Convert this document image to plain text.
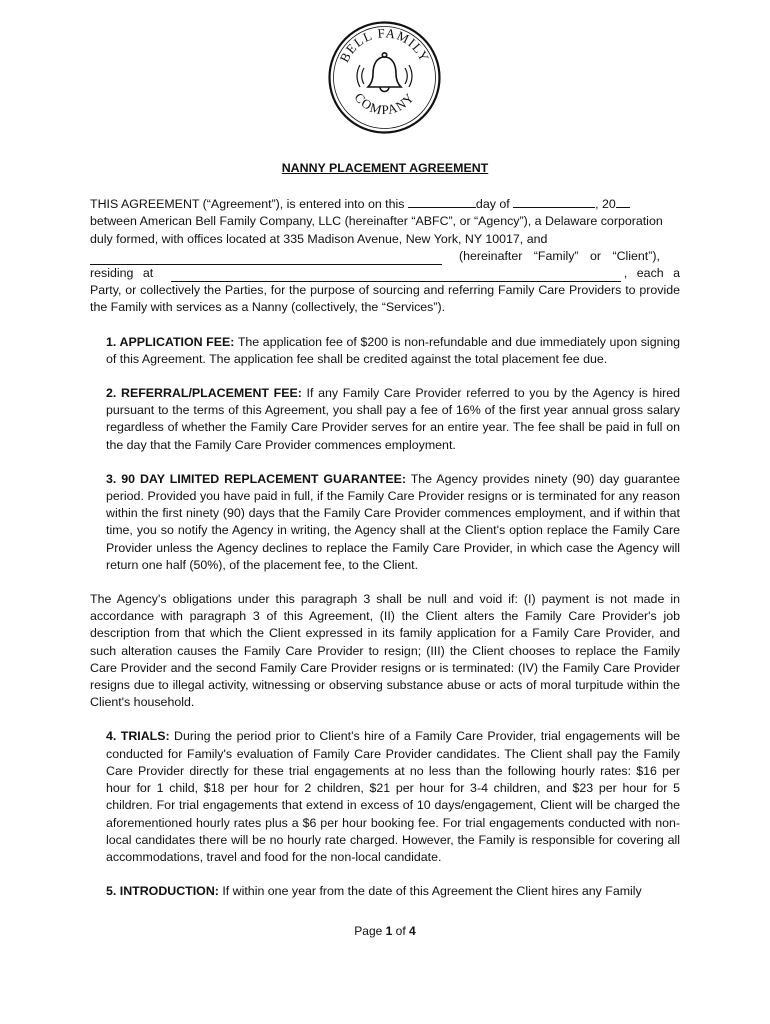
BELL FAMILY
COMPANY
NANNY PLACEMENT AGREEMENT

THIS AGREEMENT (“Agreement”), is entered into on this	day of	, 20
between American Bell Family Company, LLC (hereinafter “ABFC”, or “Agency”), a Delaware corporation
duly formed, with offices located at 335 Madison Avenue, New York, NY 10017, and

(hereinafter “Family” or “Client”),
residing at	, each a
Party, or collectively the Parties, for the purpose of sourcing and referring Family Care Providers to provide the Family with services as a Nanny (collectively, the “Services”).

1. APPLICATION FEE: The application fee of $200 is non-refundable and due immediately upon signing of this Agreement. The application fee shall be credited against the total placement fee due.

2. REFERRAL/PLACEMENT FEE: If any Family Care Provider referred to you by the Agency is hired pursuant to the terms of this Agreement, you shall pay a fee of 16% of the first year annual gross salary regardless of whether the Family Care Provider serves for an entire year. The fee shall be paid in full on the day that the Family Care Provider commences employment.

3. 90 DAY LIMITED REPLACEMENT GUARANTEE: The Agency provides ninety (90) day guarantee period. Provided you have paid in full, if the Family Care Provider resigns or is terminated for any reason within the first ninety (90) days that the Family Care Provider commences employment, and if within that time, you so notify the Agency in writing, the Agency shall at the Client's option replace the Family Care Provider unless the Agency declines to replace the Family Care Provider, in which case the Agency will return one half (50%), of the placement fee, to the Client.

The Agency's obligations under this paragraph 3 shall be null and void if: (I) payment is not made in accordance with paragraph 3 of this Agreement, (II) the Client alters the Family Care Provider's job description from that which the Client expressed in its family application for a Family Care Provider, and such alteration causes the Family Care Provider to resign; (III) the Client chooses to replace the Family Care Provider and the second Family Care Provider resigns or is terminated: (IV) the Family Care Provider resigns due to illegal activity, witnessing or observing substance abuse or acts of moral turpitude within the Client's household.

4. TRIALS: During the period prior to Client's hire of a Family Care Provider, trial engagements will be conducted for Family's evaluation of Family Care Provider candidates. The Client shall pay the Family Care Provider directly for these trial engagements at no less than the following hourly rates: $16 per hour for 1 child, $18 per hour for 2 children, $21 per hour for 3-4 children, and $23 per hour for 5 children. For trial engagements that extend in excess of 10 days/engagement, Client will be charged the aforementioned hourly rates plus a $6 per hour booking fee. For trial engagements conducted with non-local candidates there will be no hourly rate charged. However, the Family is responsible for covering all accommodations, travel and food for the non-local candidate.

5. INTRODUCTION: If within one year from the date of this Agreement the Client hires any Family

Page 1 of 4
